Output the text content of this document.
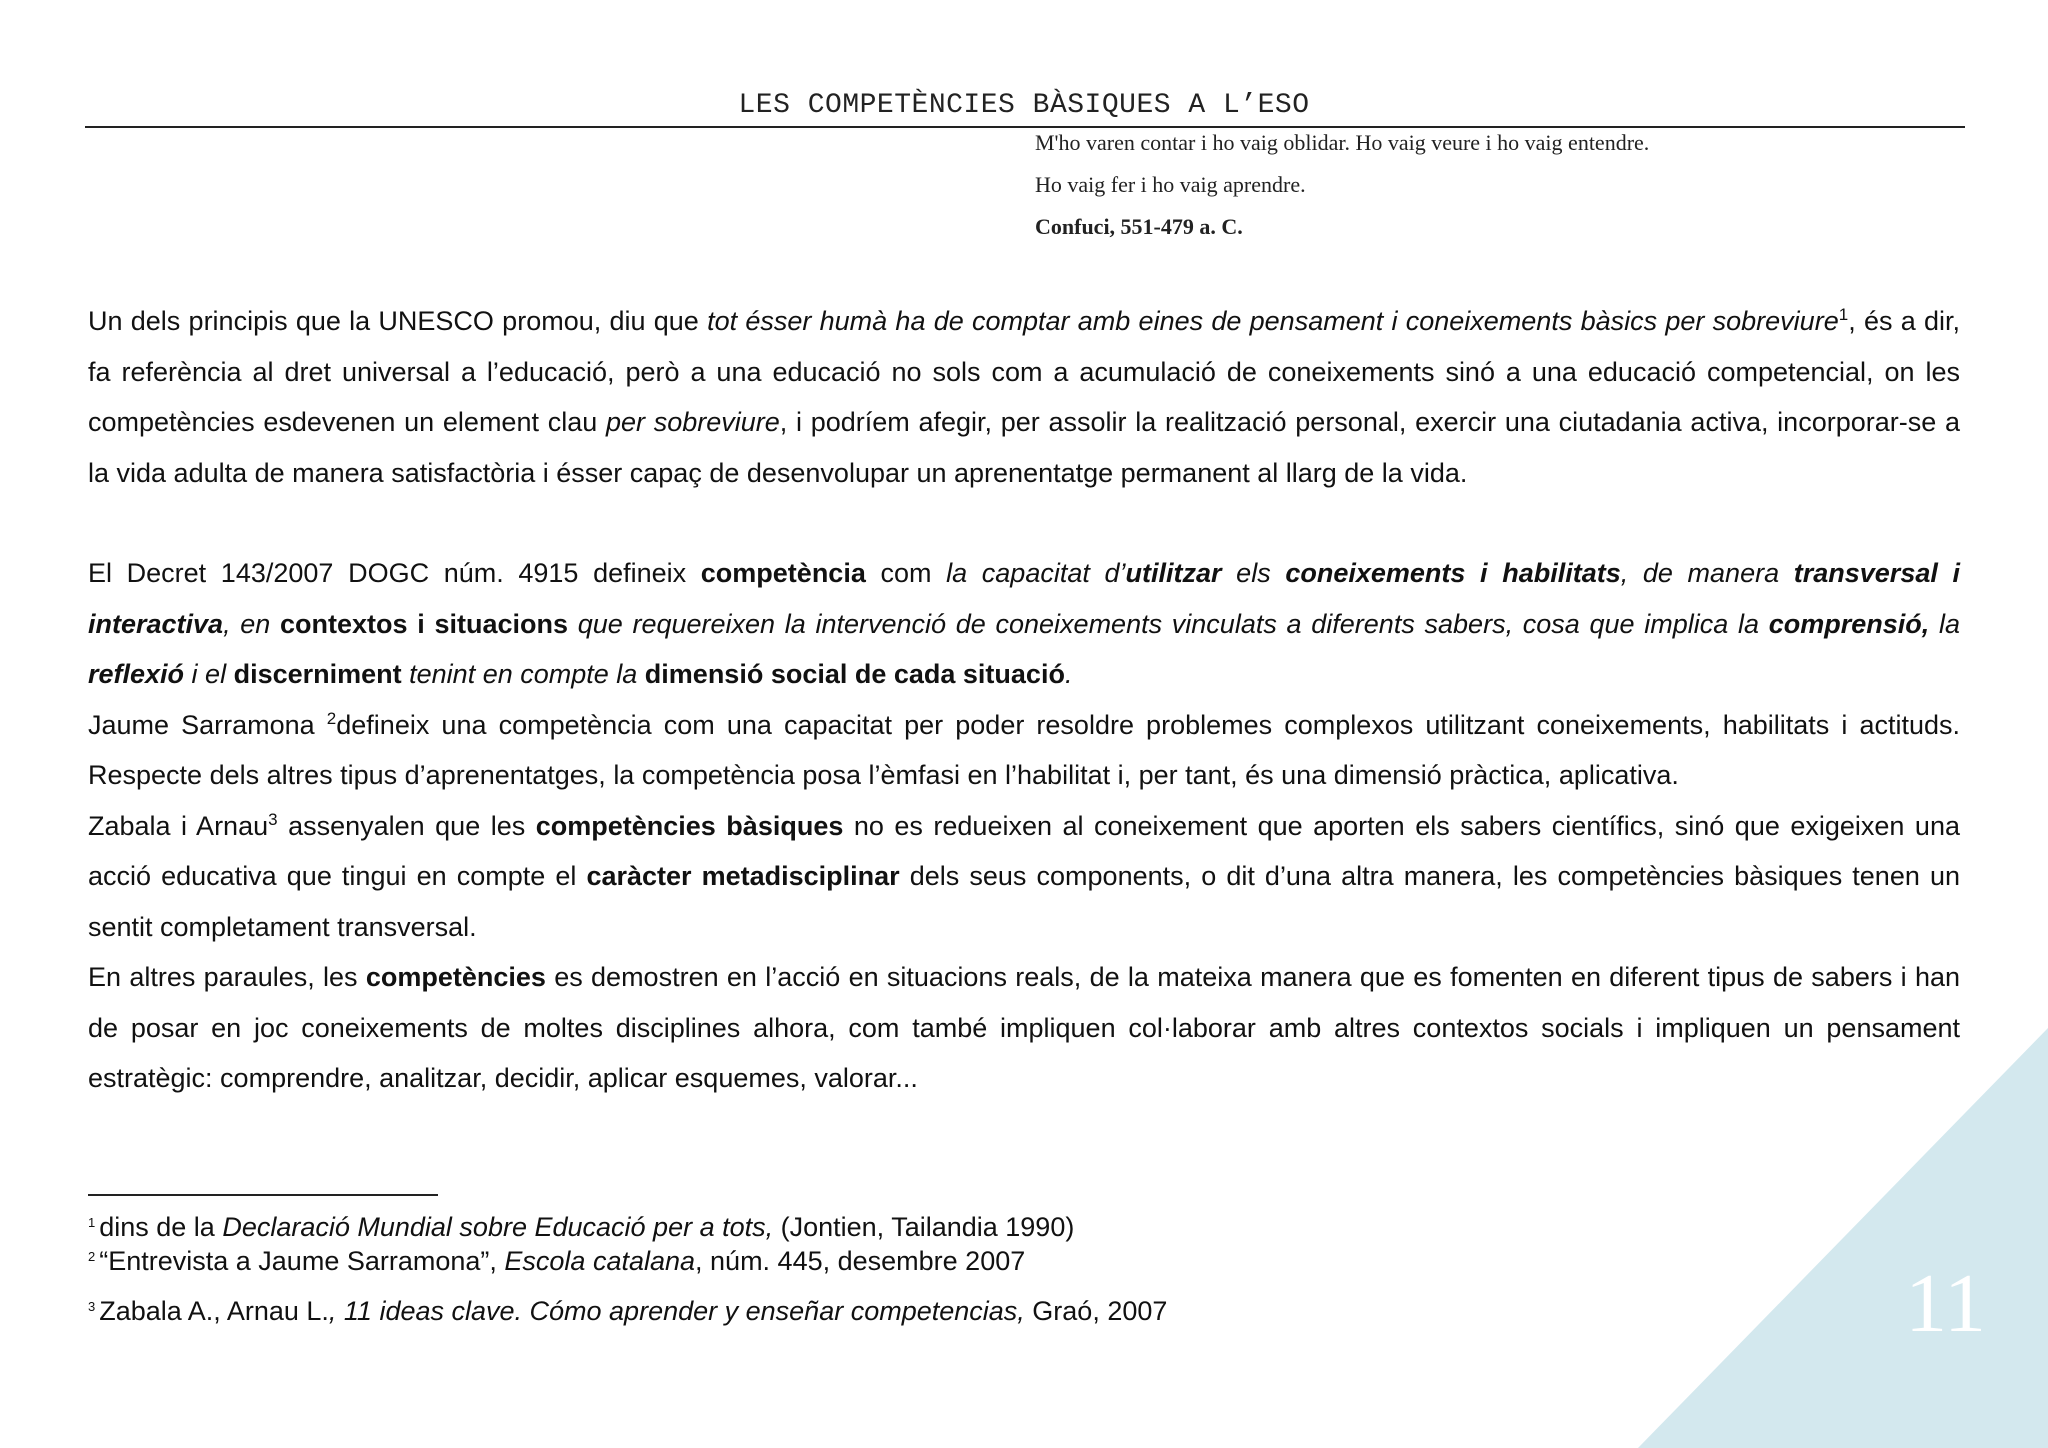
11
LES COMPETÈNCIES BÀSIQUES A L’ESO

M'ho varen contar i ho vaig oblidar. Ho vaig veure i ho vaig entendre.

Ho vaig fer i ho vaig aprendre.

Confuci, 551-479 a. C.

Un dels principis que la UNESCO promou, diu que tot ésser humà ha de comptar amb eines de pensament i coneixements bàsics per sobreviure$^1$, és a dir, fa referència al dret universal a l’educació, però a una educació no sols com a acumulació de coneixements sinó a una educació competencial, on les competències esdevenen un element clau per sobreviure, i podríem afegir, per assolir la realització personal, exercir una ciutadania activa, incorporar-se a la vida adulta de manera satisfactòria i ésser capaç de desenvolupar un aprenentatge permanent al llarg de la vida.

El Decret 143/2007 DOGC núm. 4915 defineix competència com la capacitat d’utilitzar els coneixements i habilitats, de manera transversal i interactiva, en contextos i situacions que requereixen la intervenció de coneixements vinculats a diferents sabers, cosa que implica la comprensió, la reflexió i el discerniment tenint en compte la dimensió social de cada situació.

Jaume Sarramona $^2$defineix una competència com una capacitat per poder resoldre problemes complexos utilitzant coneixements, habilitats i actituds. Respecte dels altres tipus d’aprenentatges, la competència posa l’èmfasi en l’habilitat i, per tant, és una dimensió pràctica, aplicativa.

Zabala i Arnau$^3$ assenyalen que les competències bàsiques no es redueixen al coneixement que aporten els sabers científics, sinó que exigeixen una acció educativa que tingui en compte el caràcter metadisciplinar dels seus components, o dit d’una altra manera, les competències bàsiques tenen un sentit completament transversal.

En altres paraules, les competències es demostren en l’acció en situacions reals, de la mateixa manera que es fomenten en diferent tipus de sabers i han de posar en joc coneixements de moltes disciplines alhora, com també impliquen col·laborar amb altres contextos socials i impliquen un pensament estratègic: comprendre, analitzar, decidir, aplicar esquemes, valorar...

$^1$ dins de la Declaració Mundial sobre Educació per a tots, (Jontien, Tailandia 1990)

$^2$ “Entrevista a Jaume Sarramona”, Escola catalana, núm. 445, desembre 2007

$^3$ Zabala A., Arnau L., 11 ideas clave. Cómo aprender y enseñar competencias, Graó, 2007
